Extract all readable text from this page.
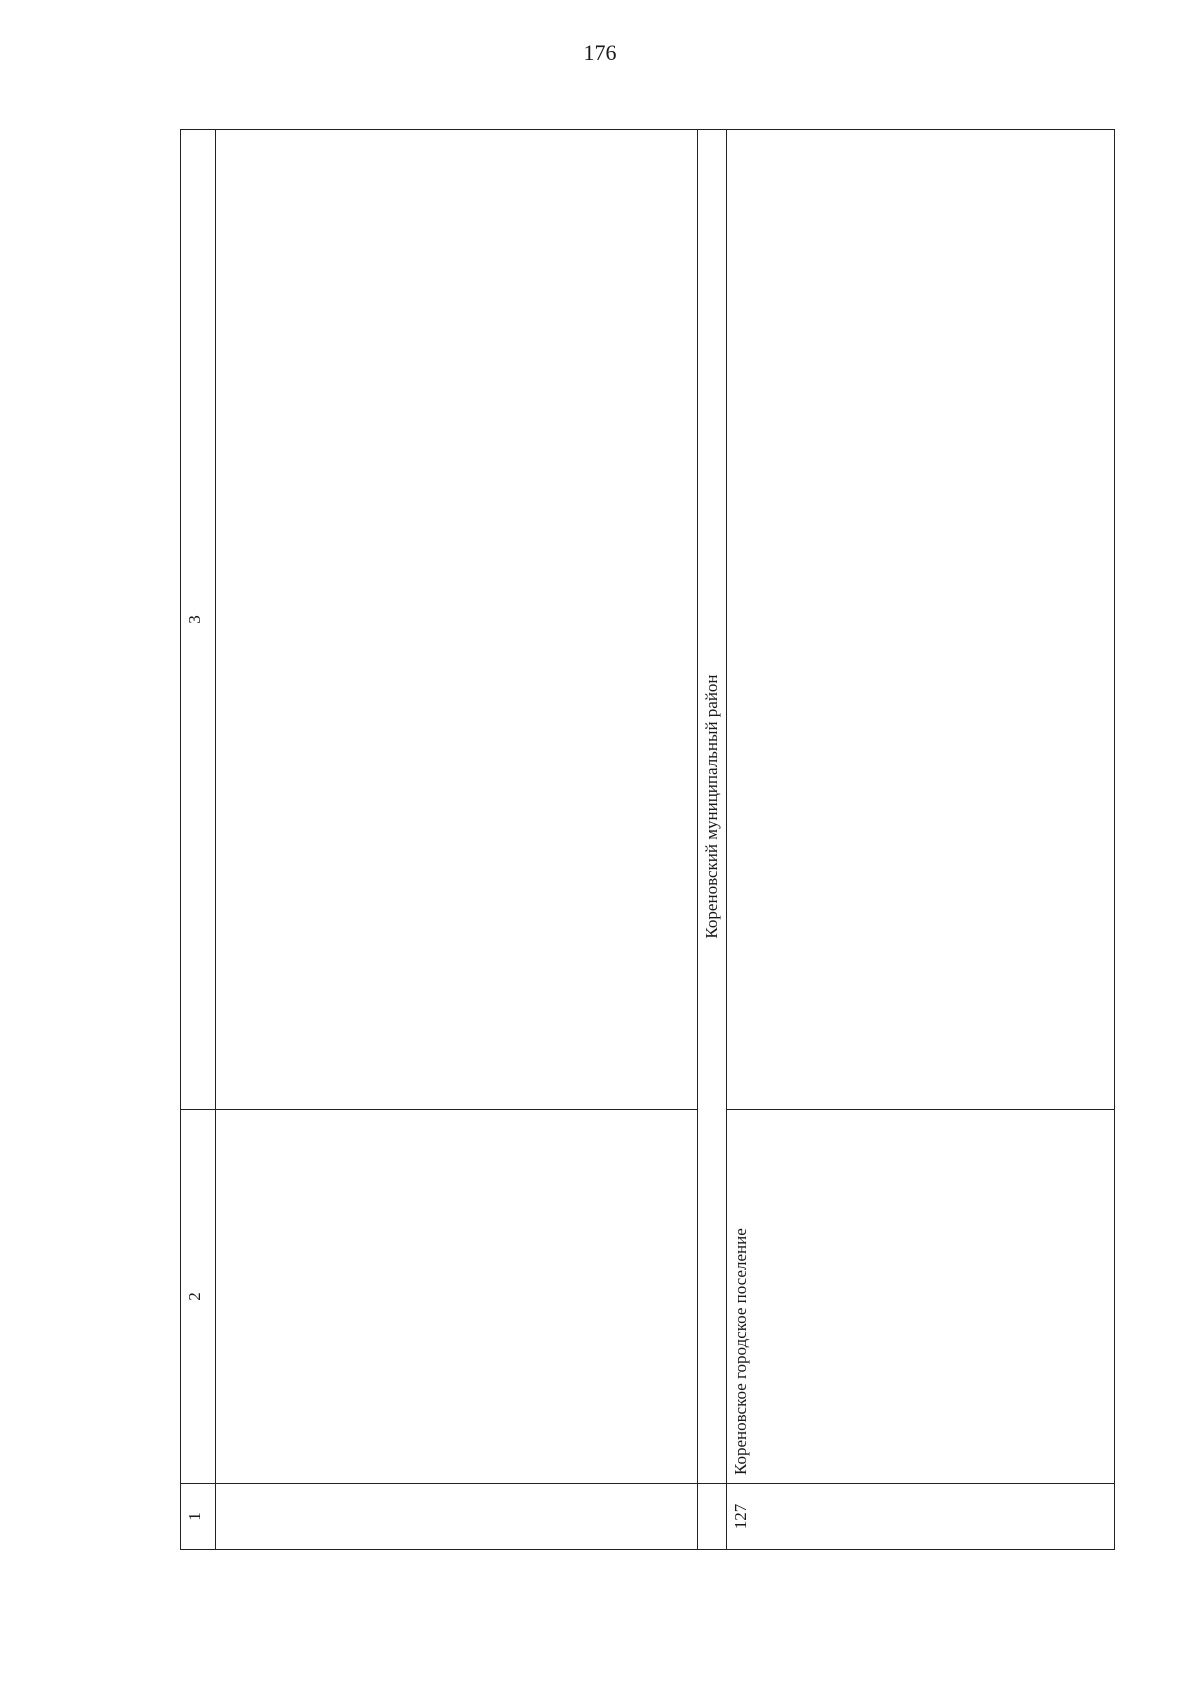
176
1	2	3

	Кореновский муниципальный район	
127	Кореновское городское поселение	
